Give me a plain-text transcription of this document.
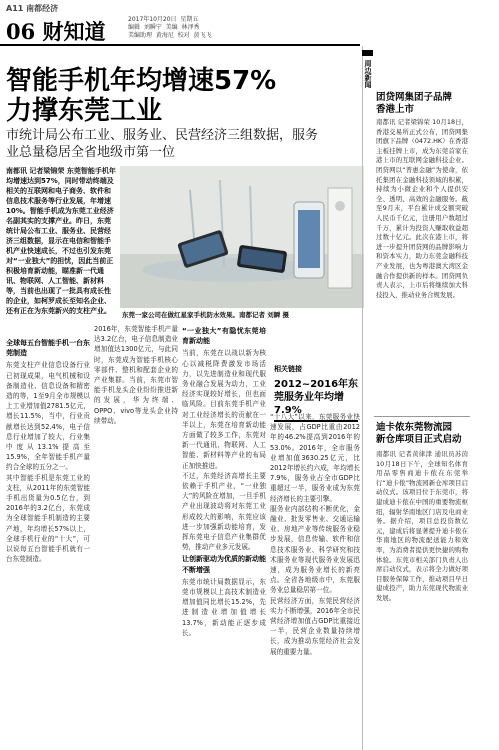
A11 南都经济
06 财知道	2017年10月20日  星期五
编辑  刘瞬宁  美编  林泽秀
美编助理  黄海尼  校对  黄飞飞
智能手机年均增速57%
力撑东莞工业
市统计局公布工业、服务业、民营经济三组数据，服务
业总量稳居全省地级市第一位
南都讯 记者梁锦荣 东莞智能手机年均增速达到57%，同时带动终端及相关的互联网和电子商务、软件和信息技术服务等行业发展，年增速10%。智能手机成为东莞工业经济名副其实的支撑产业。昨日，东莞统计局公布工业、服务业、民营经济三组数据，显示在电信和智能手机产业快速成长，不过也引发东莞对“一业独大”的担忧，因此当前正积极培育新动能，瞄准新一代通讯、物联网、人工智能、新材料等，当前也出现了一批具有成长性的企业，如柯罗成长至知名企业、还有正在为东莞新兴的支柱产业。	东莞一家公司在做红星家手机防水效果。南都记者 刘瞬 摄
全球每五台智能手机一台东莞制造

东莞支柱产业信息设备行业已初现成果，电气机械和设备制造业、信息设备和精密造的等，1至9月全市规模以上工业增加值2781.5亿元，增长11.5%，当中，行业贡献增长达到52.4%，电子信息行业增加了较大，行业集中度从13.1%提高至15.9%，全年智能手机产量约合全球的五分之一。

其中智能手机是东莞工业的支柱，从2011年的东莞智能手机出货量为0.5亿台，到2016年的3.2亿台，东莞成为全球智能手机制造的主要产地，年均增长57%以上，全球手机行业的“十大”，可以说每五台智能手机就有一台东莞制造。

2016年，东莞智能手机产量达3.2亿台，电子信息制造业增加值达1300亿元，与此同时，东莞成为智能手机核心零部件、整机和配套企业的产业集群。当前，东莞市智能手机龙头企业纷纷推进新的发展，华为终端、OPPO、vivo等龙头企业持续带动。

“一业独大”有隐忧东莞培育新动能

当前，东莞在以战以新为核心以减税降费激发市场活力，以先进制造业和现代服务业融合发展为动力，工业经济实现较好增长，但也面临风险。目前东莞手机产业对工业经济增长的贡献在一半以上，东莞在培育新动能方面做了较多工作，东莞对新一代通讯、物联网、人工智能、新材料等产业的布局正加快推进。

不过，东莞经济高增长主要依赖于手机产业，“一业独大”的风险在增加，一旦手机产业出现波动将对东莞工业形成较大的影响，东莞应该进一步加强新动能培育，发挥东莞电子信息产业集群优势，推动产业多元发展。

让创新驱动为优质的新动能不断增强

东莞市统计局数据显示，东莞市规模以上高技术制造业增加值同比增长15.2%，先进制造业增加值增长13.7%，新动能正逐步成长。

相关链接
2012~2016年东莞服务业年均增7.9%

“十八大”以来，东莞服务业快速发展，占GDP比重由2012年的46.2%提高到2016年的53.0%。2016年，全市服务业增加值3630.25亿元，比2012年增长约六成，年均增长7.9%，服务业占全市GDP比重超过一半，服务业成为东莞经济增长的主要引擎。

服务业内部结构不断优化，金融业、批发零售业、交通运输业、房地产业等传统服务业稳步发展，信息传输、软件和信息技术服务业、科学研究和技术服务业等现代服务业发展迅速，成为服务业增长的新亮点。全省各地级市中，东莞服务业总量稳居第一位。

民营经济方面，东莞民营经济实力不断增强，2016年全市民营经济增加值占GDP比重接近一半，民营企业数量持续增长，成为推动东莞经济社会发展的重要力量。

周边新闻
团贷网集团子品牌
香港上市
南都讯 记者梁锦荣 10月18日，香港交易所正式公布，团贷网集团旗下品牌（0472.HK）在香港主板挂牌上市，成为东莞首家在港上市的互联网金融科技企业。团贷网以“普惠金融”为使命，依托集团在金融科技领域的积累，持续为小微企业和个人提供安全、透明、高效的金融服务。截至9月末，平台累计成交额突破人民币千亿元，注册用户数超过千万，累计为投资人赚取收益超过数十亿元。此次在港上市，将进一步提升团贷网的品牌影响力和资本实力，助力东莞金融科技产业发展，也为粤港澳大湾区金融合作提供新的样本。团贷网负责人表示，上市后将继续加大科技投入，推动业务合规发展。
迪卡侬东莞物流园
新仓库项目正式启动
南都讯 记者黄律津 通讯员苏茵 10月18日下午，全球知名体育用品零售商迪卡侬在东莞举行“迪卡侬”物流园新仓库项目启动仪式。该项目位于东莞市，将建成迪卡侬在中国的重要物流枢纽，辐射华南地区门店及电商业务。据介绍，项目总投资数亿元，建成后将显著提升迪卡侬在华南地区的物流配送能力和效率，为消费者提供更快捷的购物体验。东莞市相关部门负责人出席启动仪式，表示将全力做好项目服务保障工作，推动项目早日建成投产，助力东莞现代物流业发展。
